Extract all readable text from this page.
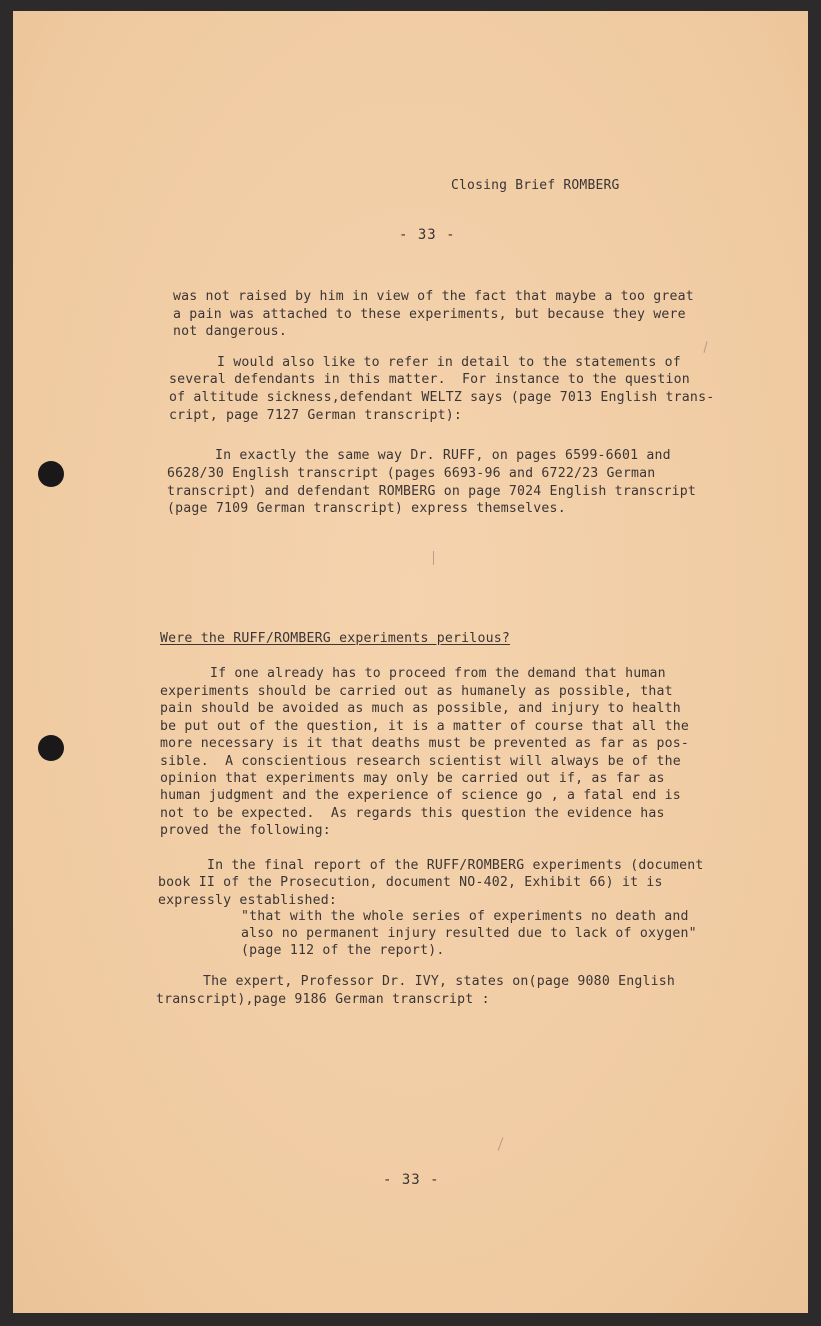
Closing Brief ROMBERG
- 33 -
was not raised by him in view of the fact that maybe a too great
a pain was attached to these experiments, but because they were
not dangerous.
I would also like to refer in detail to the statements of
several defendants in this matter.  For instance to the question
of altitude sickness,defendant WELTZ says (page 7013 English trans-
cript, page 7127 German transcript):
In exactly the same way Dr. RUFF, on pages 6599-6601 and
6628/30 English transcript (pages 6693-96 and 6722/23 German
transcript) and defendant ROMBERG on page 7024 English transcript
(page 7109 German transcript) express themselves.
Were the RUFF/ROMBERG experiments perilous?
If one already has to proceed from the demand that human
experiments should be carried out as humanely as possible, that
pain should be avoided as much as possible, and injury to health
be put out of the question, it is a matter of course that all the
more necessary is it that deaths must be prevented as far as pos-
sible.  A conscientious research scientist will always be of the
opinion that experiments may only be carried out if, as far as
human judgment and the experience of science go , a fatal end is
not to be expected.  As regards this question the evidence has
proved the following:
In the final report of the RUFF/ROMBERG experiments (document
book II of the Prosecution, document NO-402, Exhibit 66) it is
expressly established:
"that with the whole series of experiments no death and
also no permanent injury resulted due to lack of oxygen"
(page 112 of the report).
The expert, Professor Dr. IVY, states on(page 9080 English
transcript),page 9186 German transcript :
- 33 -
